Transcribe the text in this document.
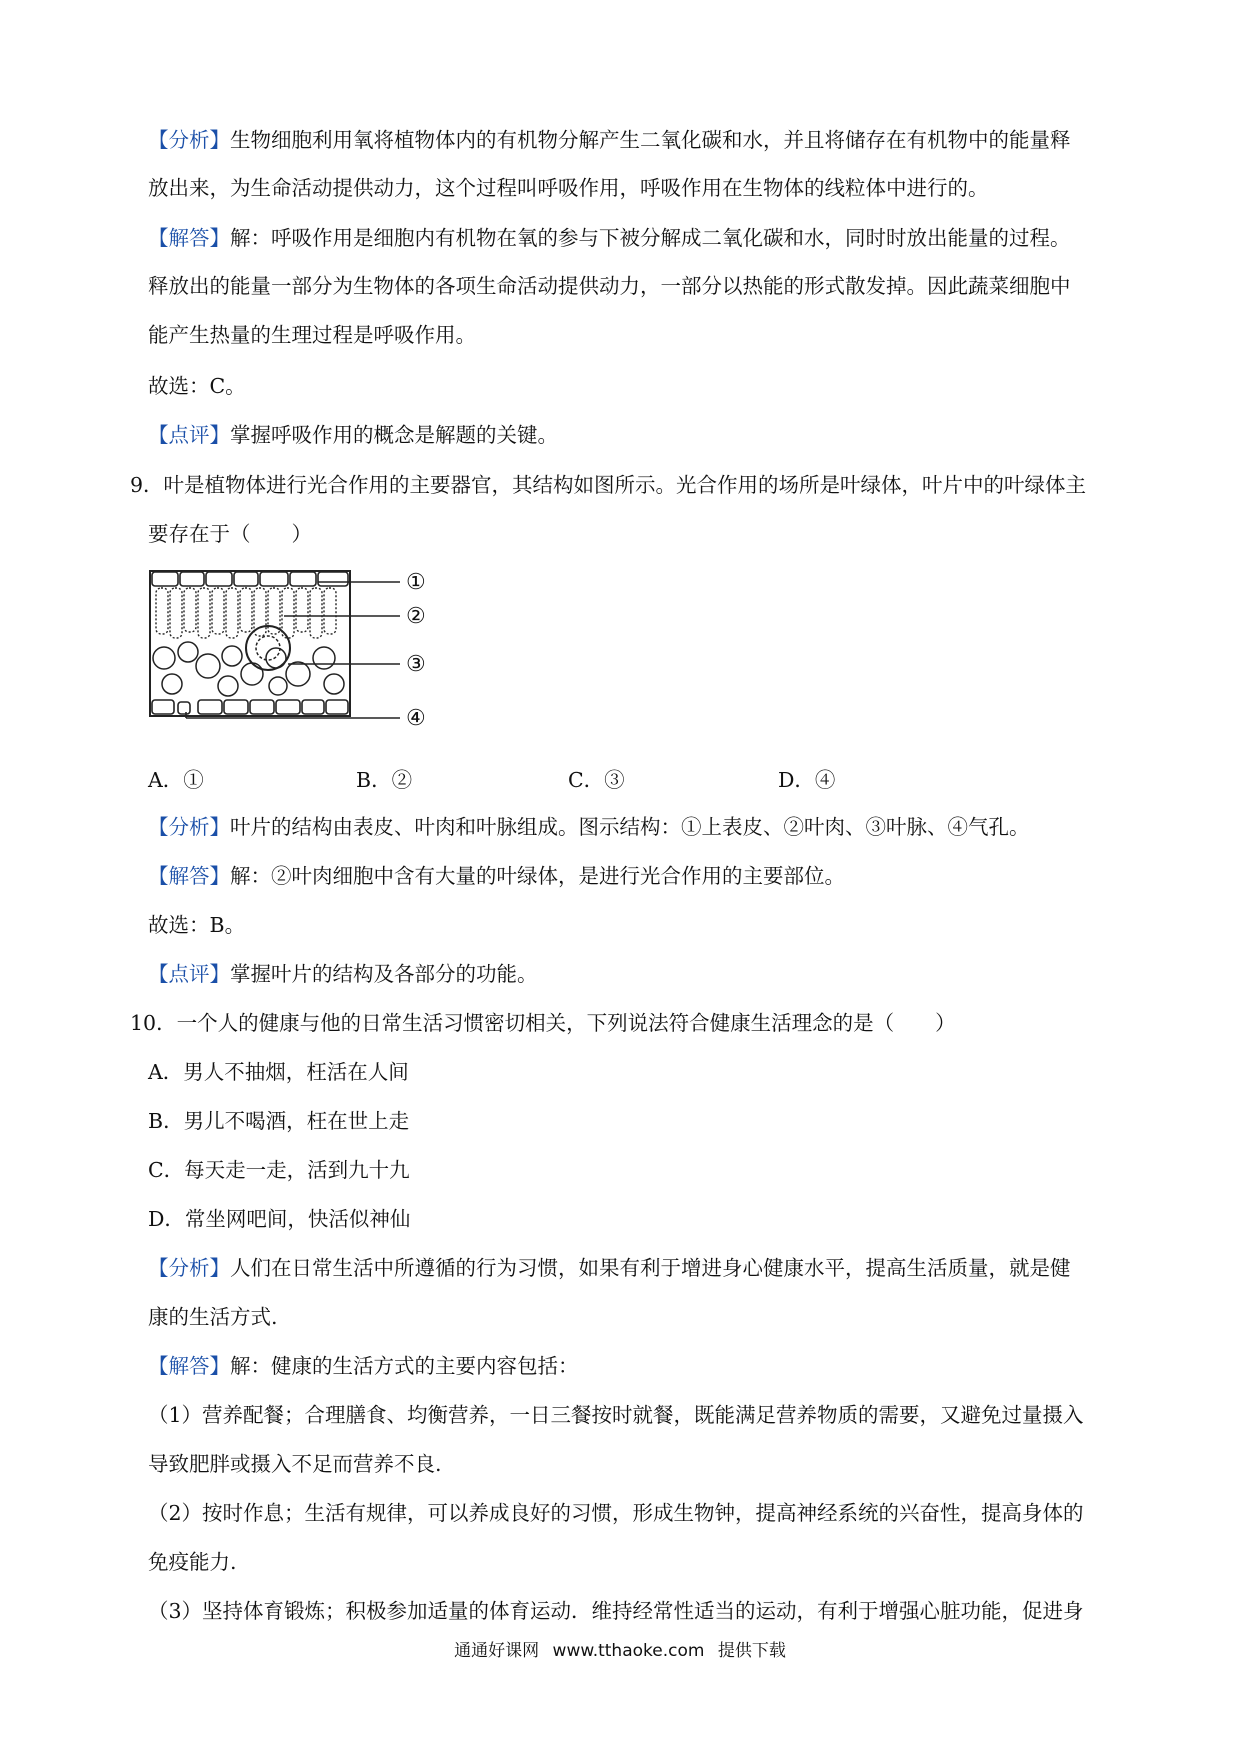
【分析】生物细胞利用氧将植物体内的有机物分解产生二氧化碳和水，并且将储存在有机物中的能量释
放出来，为生命活动提供动力，这个过程叫呼吸作用，呼吸作用在生物体的线粒体中进行的。
【解答】解：呼吸作用是细胞内有机物在氧的参与下被分解成二氧化碳和水，同时时放出能量的过程。
释放出的能量一部分为生物体的各项生命活动提供动力，一部分以热能的形式散发掉。因此蔬菜细胞中
能产生热量的生理过程是呼吸作用。
故选：C。
【点评】掌握呼吸作用的概念是解题的关键。
9．叶是植物体进行光合作用的主要器官，其结构如图所示。光合作用的场所是叶绿体，叶片中的叶绿体主
要存在于（　　）
①
②
③
④
A．①	B．②	C．③	D．④
【分析】叶片的结构由表皮、叶肉和叶脉组成。图示结构：①上表皮、②叶肉、③叶脉、④气孔。
【解答】解：②叶肉细胞中含有大量的叶绿体，是进行光合作用的主要部位。
故选：B。
【点评】掌握叶片的结构及各部分的功能。
10．一个人的健康与他的日常生活习惯密切相关，下列说法符合健康生活理念的是（　　）
A．男人不抽烟，枉活在人间
B．男儿不喝酒，枉在世上走
C．每天走一走，活到九十九
D．常坐网吧间，快活似神仙
【分析】人们在日常生活中所遵循的行为习惯，如果有利于增进身心健康水平，提高生活质量，就是健
康的生活方式.
【解答】解：健康的生活方式的主要内容包括：
（1）营养配餐；合理膳食、均衡营养，一日三餐按时就餐，既能满足营养物质的需要，又避免过量摄入
导致肥胖或摄入不足而营养不良.
（2）按时作息；生活有规律，可以养成良好的习惯，形成生物钟，提高神经系统的兴奋性，提高身体的
免疫能力.
（3）坚持体育锻炼；积极参加适量的体育运动．维持经常性适当的运动，有利于增强心脏功能，促进身
通通好课网 www.tthaoke.com 提供下载
